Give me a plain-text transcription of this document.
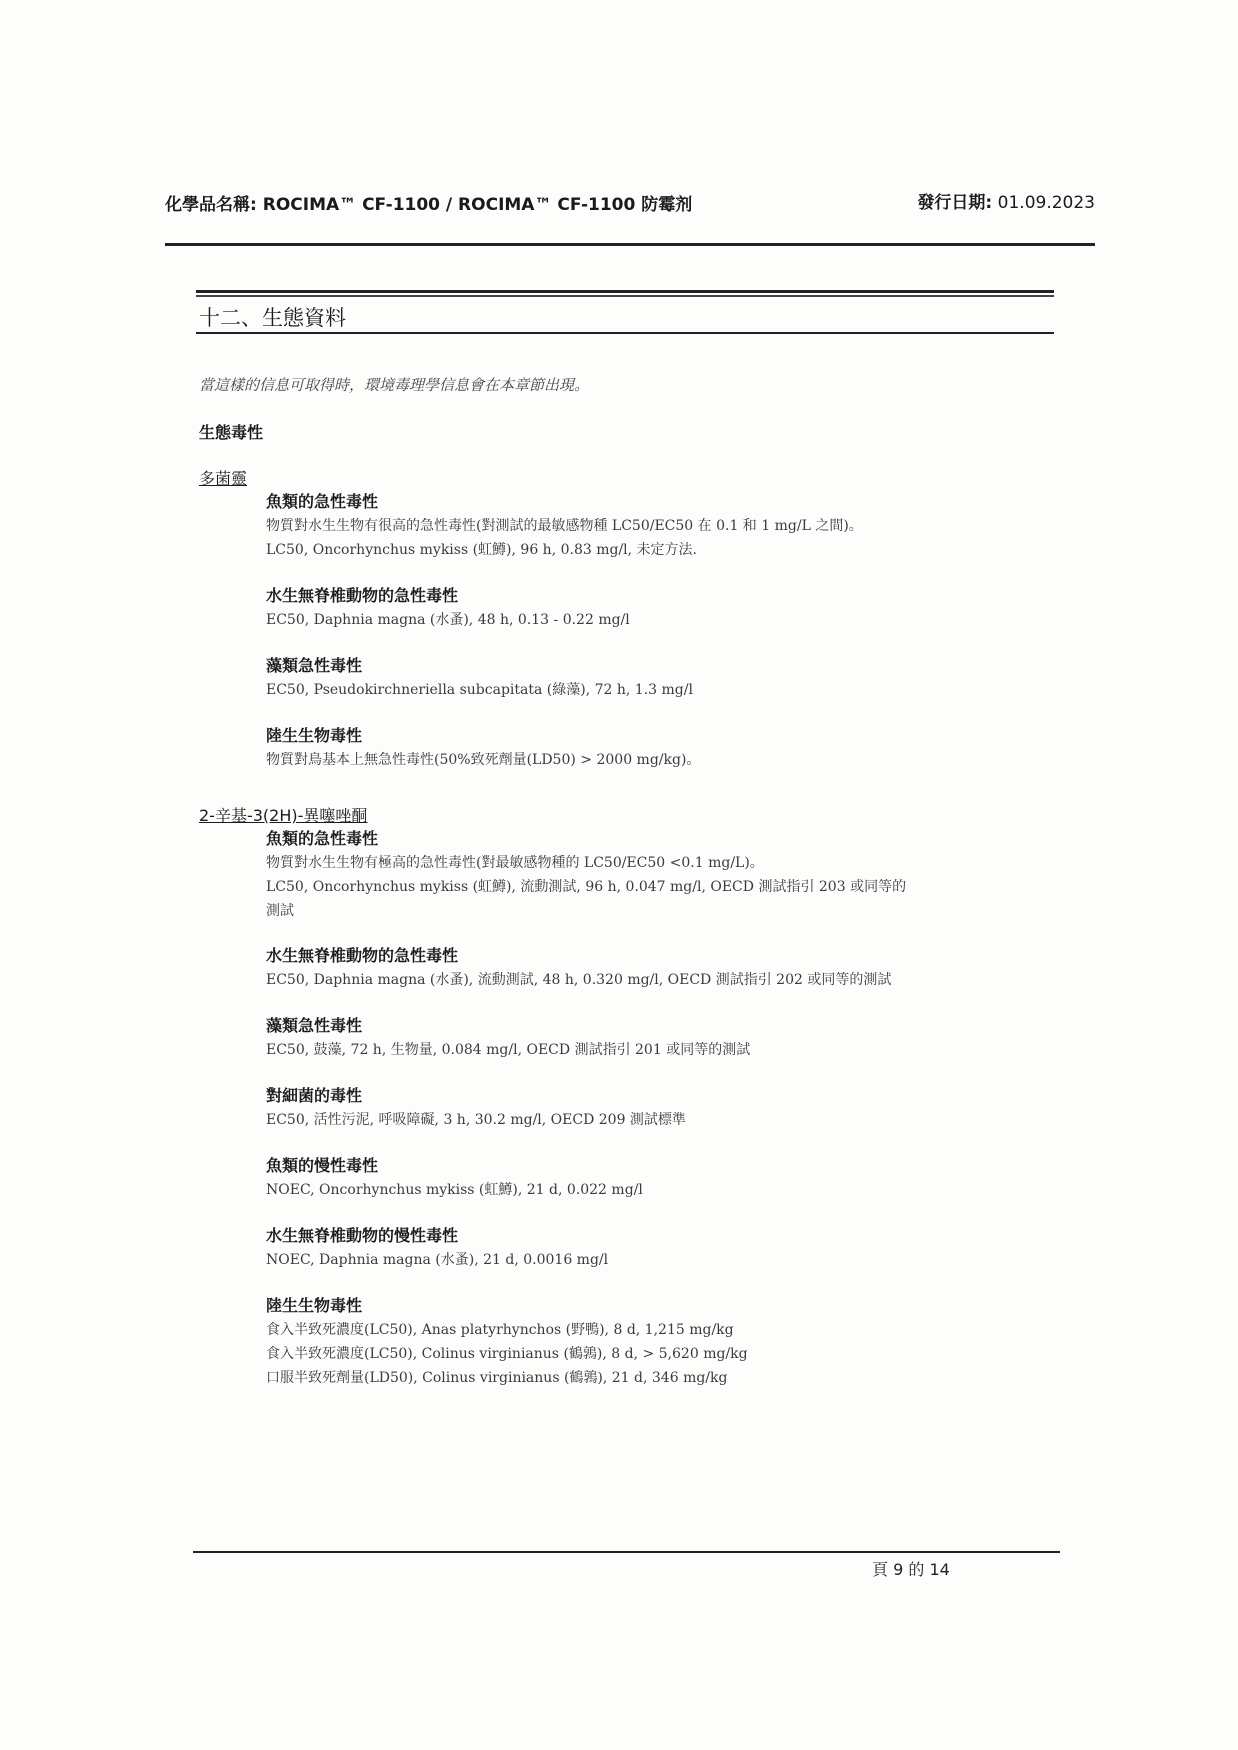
化學品名稱: ROCIMA™ CF-1100 / ROCIMA™ CF-1100 防霉剂	發行日期: 01.09.2023
十二、生態資料
當這樣的信息可取得時，環境毒理學信息會在本章節出現。
生態毒性
多菌靈
魚類的急性毒性
物質對水生生物有很高的急性毒性(對測試的最敏感物種 LC50/EC50 在 0.1 和 1 mg/L 之間)。
LC50, Oncorhynchus mykiss (虹鱒), 96 h, 0.83 mg/l, 未定方法.
水生無脊椎動物的急性毒性
EC50, Daphnia magna (水蚤), 48 h, 0.13 - 0.22 mg/l
藻類急性毒性
EC50, Pseudokirchneriella subcapitata (綠藻), 72 h, 1.3 mg/l
陸生生物毒性
物質對鳥基本上無急性毒性(50%致死劑量(LD50) > 2000 mg/kg)。
2-辛基-3(2H)-異噻唑酮
魚類的急性毒性
物質對水生生物有極高的急性毒性(對最敏感物種的 LC50/EC50 <0.1 mg/L)。
LC50, Oncorhynchus mykiss (虹鱒), 流動測試, 96 h, 0.047 mg/l, OECD 測試指引 203 或同等的
測試
水生無脊椎動物的急性毒性
EC50, Daphnia magna (水蚤), 流動測試, 48 h, 0.320 mg/l, OECD 測試指引 202 或同等的測試
藻類急性毒性
EC50, 鼓藻, 72 h, 生物量, 0.084 mg/l, OECD 測試指引 201 或同等的測試
對細菌的毒性
EC50, 活性污泥, 呼吸障礙, 3 h, 30.2 mg/l, OECD 209 測試標準
魚類的慢性毒性
NOEC, Oncorhynchus mykiss (虹鱒), 21 d, 0.022 mg/l
水生無脊椎動物的慢性毒性
NOEC, Daphnia magna (水蚤), 21 d, 0.0016 mg/l
陸生生物毒性
食入半致死濃度(LC50), Anas platyrhynchos (野鴨), 8 d, 1,215 mg/kg
食入半致死濃度(LC50), Colinus virginianus (鶴鶉), 8 d, > 5,620 mg/kg
口服半致死劑量(LD50), Colinus virginianus (鶴鶉), 21 d, 346 mg/kg
頁 9 的 14
